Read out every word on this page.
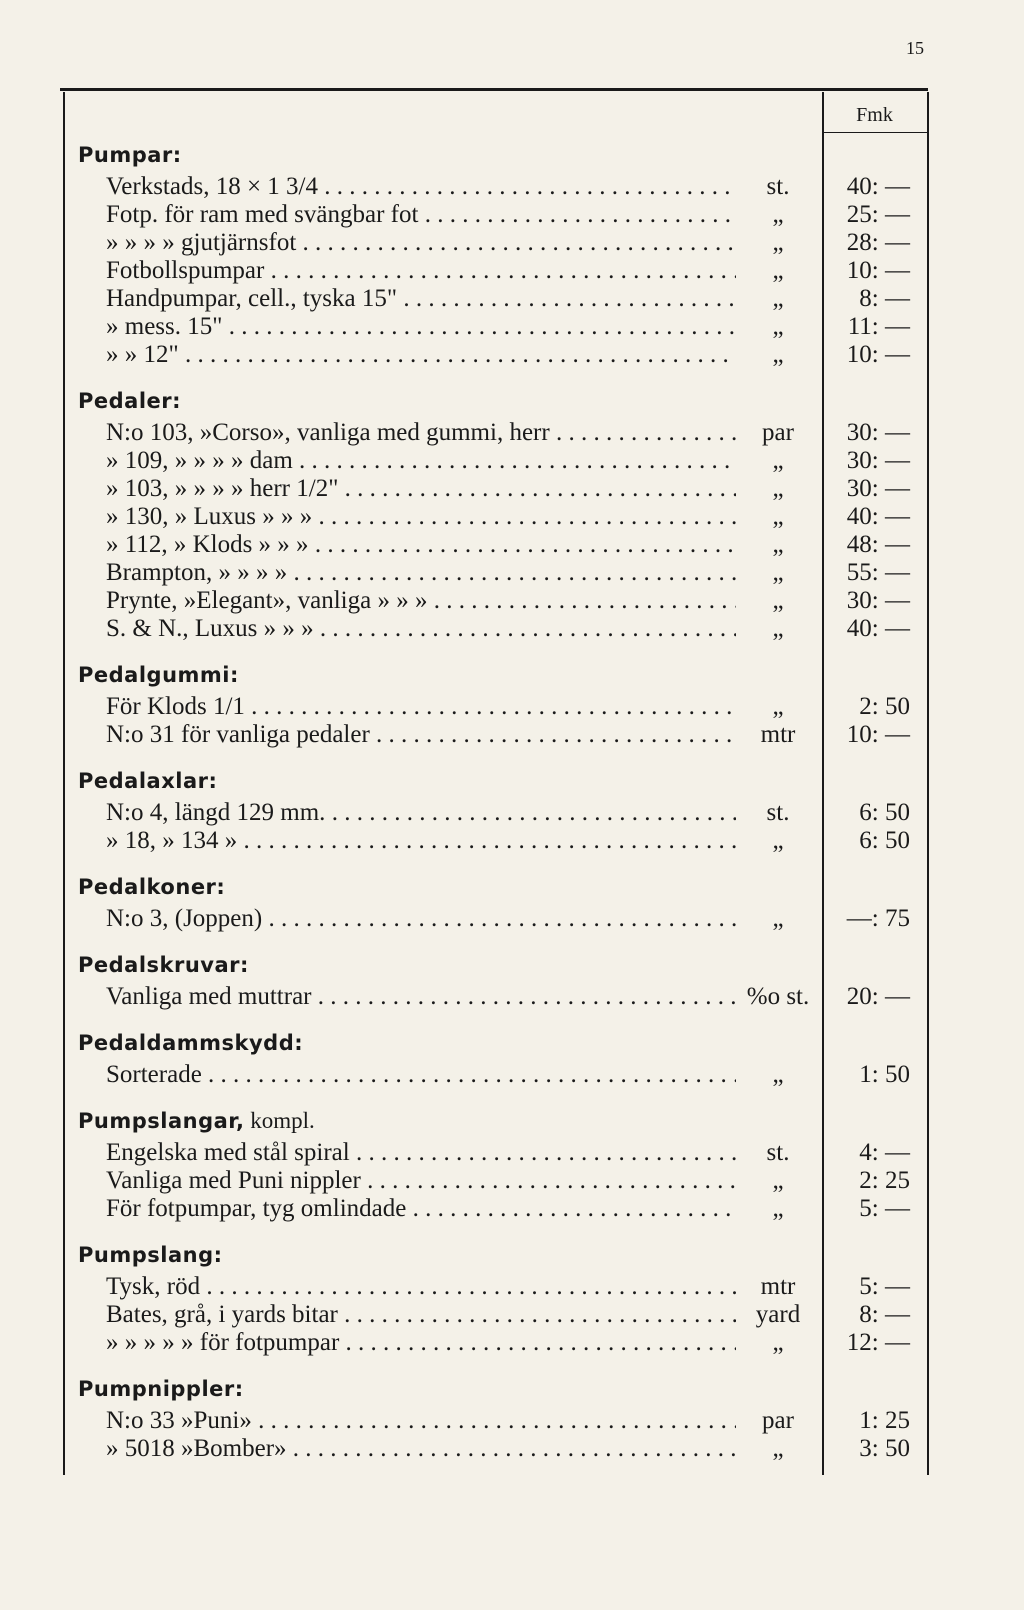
15
Fmk
Pumpar:
Verkstads, 18 × 1 3/4 . . .	st.	40: —
Fotp. för ram med svängbar fot . . .	„	25: —
» » » » gjutjärnsfot . . .	„	28: —
Fotbollspumpar . . .	„	10: —
Handpumpar, cell., tyska 15" . . .	„	8: —
» mess. 15" . . .	„	11: —
» » 12" . . .	„	10: —
Pedaler:
N:o 103, »Corso», vanliga med gummi, herr . . .	par	30: —
» 109, » » » » dam . . .	„	30: —
» 103, » » » » herr 1/2" . . .	„	30: —
» 130, » Luxus » » » . . .	„	40: —
» 112, » Klods » » » . . .	„	48: —
Brampton, » » » » . . .	„	55: —
Prynte, »Elegant», vanliga » » » . . .	„	30: —
S. & N., Luxus » » » . . .	„	40: —
Pedalgummi:
För Klods 1/1 . . .	„	2: 50
N:o 31 för vanliga pedaler . . .	mtr	10: —
Pedalaxlar:
N:o 4, längd 129 mm. . . .	st.	6: 50
» 18, » 134 » . . .	„	6: 50
Pedalkoner:
N:o 3, (Joppen) . . .	„	—: 75
Pedalskruvar:
Vanliga med muttrar . . .	%o st.	20: —
Pedaldammskydd:
Sorterade . . .	„	1: 50
Pumpslangar, kompl.
Engelska med stål spiral . . .	st.	4: —
Vanliga med Puni nippler . . .	„	2: 25
För fotpumpar, tyg omlindade . . .	„	5: —
Pumpslang:
Tysk, röd . . .	mtr	5: —
Bates, grå, i yards bitar . . .	yard	8: —
» » » » » för fotpumpar . . .	„	12: —
Pumpnippler:
N:o 33 »Puni» . . .	par	1: 25
» 5018 »Bomber» . . .	„	3: 50
